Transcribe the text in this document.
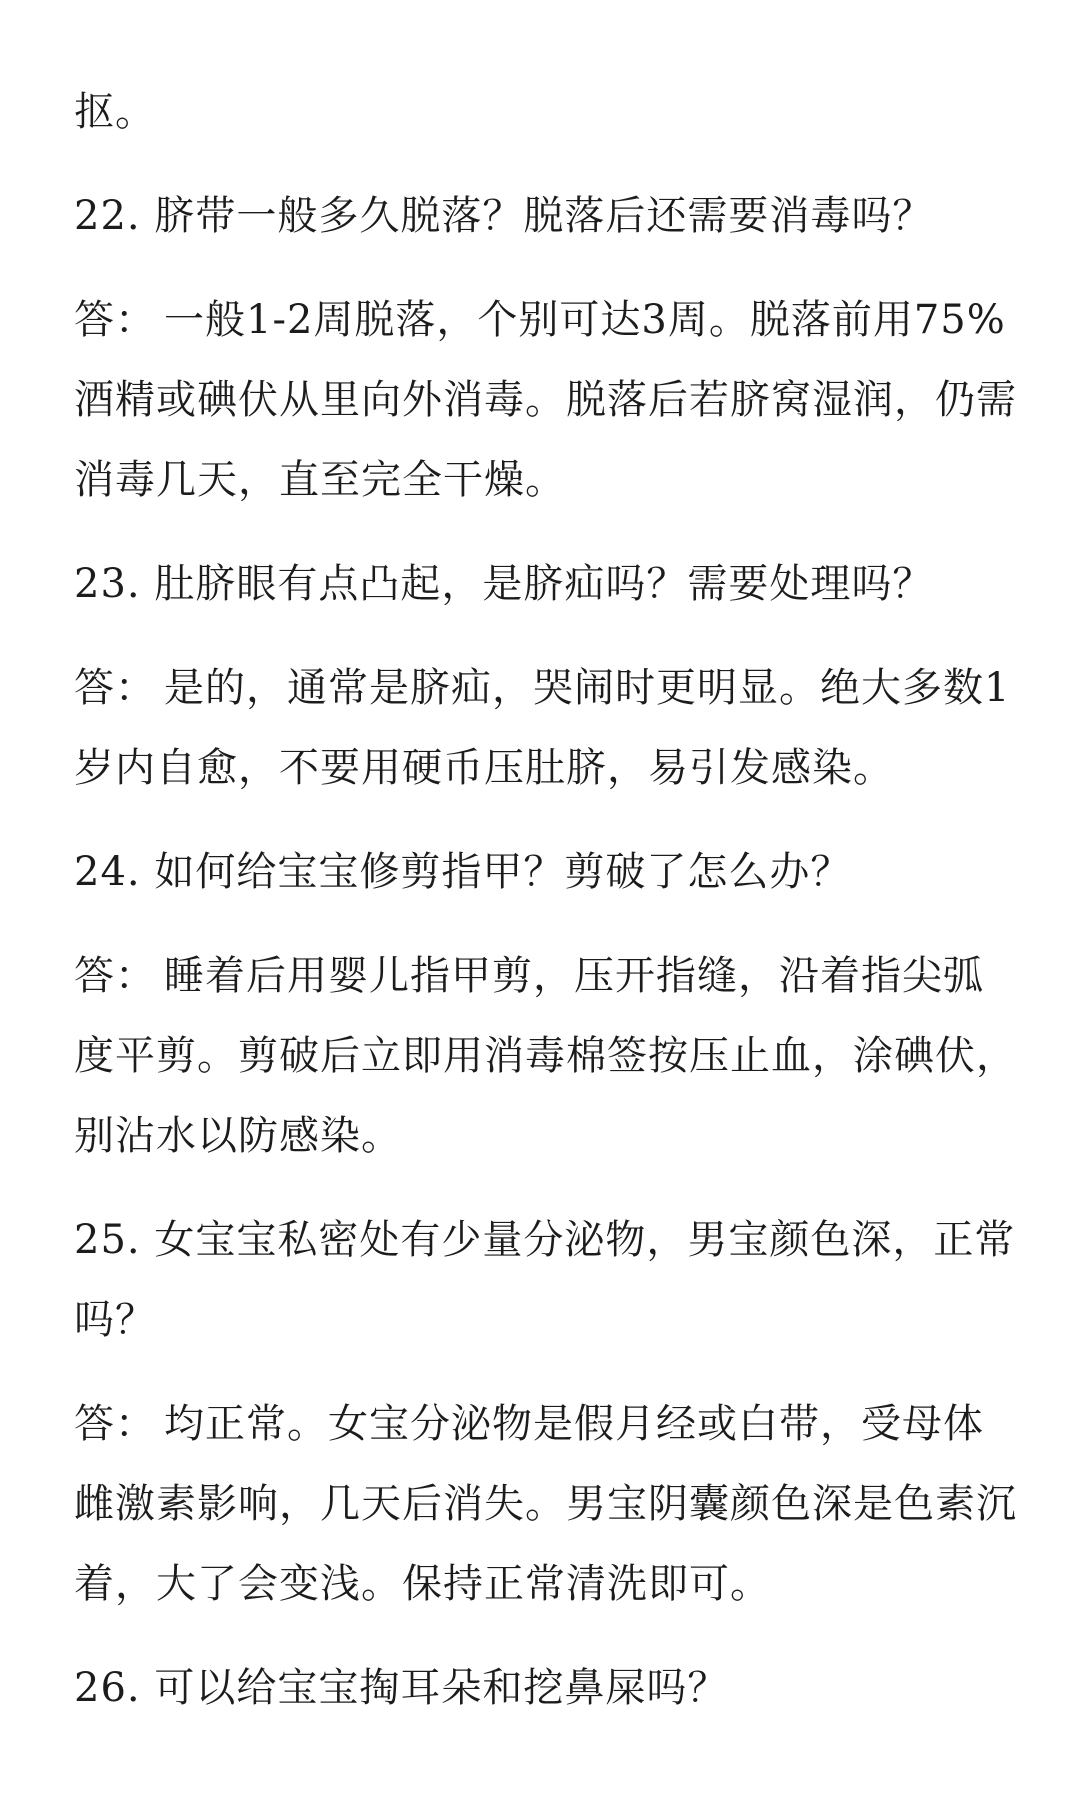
抠。

22. 脐带一般多久脱落？脱落后还需要消毒吗？

答： 一般1-2周脱落，个别可达3周。脱落前用75%酒精或碘伏从里向外消毒。脱落后若脐窝湿润，仍需消毒几天，直至完全干燥。

23. 肚脐眼有点凸起，是脐疝吗？需要处理吗？

答： 是的，通常是脐疝，哭闹时更明显。绝大多数1岁内自愈，不要用硬币压肚脐，易引发感染。

24. 如何给宝宝修剪指甲？剪破了怎么办？

答： 睡着后用婴儿指甲剪，压开指缝，沿着指尖弧度平剪。剪破后立即用消毒棉签按压止血，涂碘伏，别沾水以防感染。

25. 女宝宝私密处有少量分泌物，男宝颜色深，正常吗？

答： 均正常。女宝分泌物是假月经或白带，受母体雌激素影响，几天后消失。男宝阴囊颜色深是色素沉着，大了会变浅。保持正常清洗即可。

26. 可以给宝宝掏耳朵和挖鼻屎吗？
